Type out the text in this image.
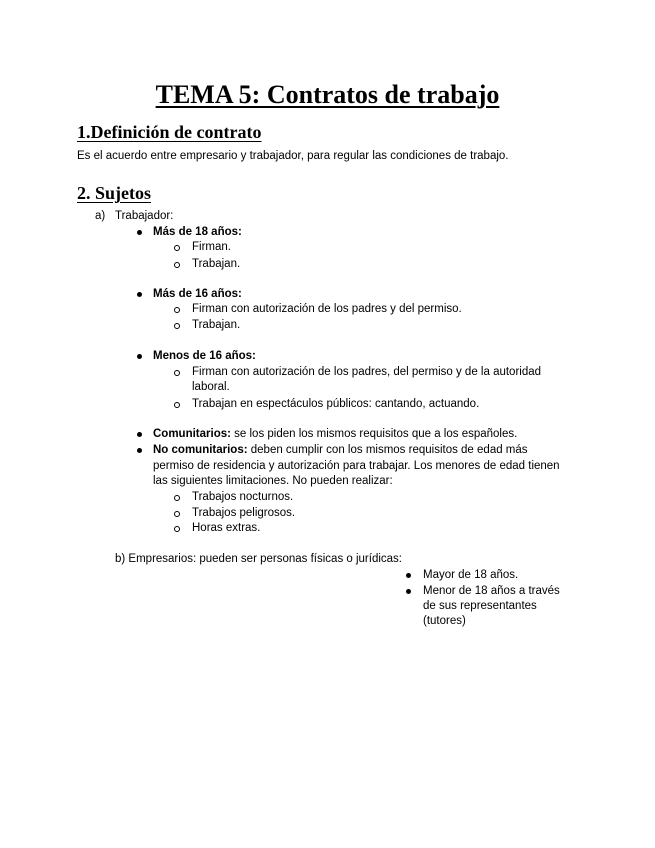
TEMA 5: Contratos de trabajo
1.Definición de contrato
Es el acuerdo entre empresario y trabajador, para regular las condiciones de trabajo.
2. Sujetos
a) Trabajador:
Más de 18 años:
Firman.
Trabajan.
Más de 16 años:
Firman con autorización de los padres y del permiso.
Trabajan.
Menos de 16 años:
Firman con autorización de los padres, del permiso y de la autoridad
laboral.
Trabajan en espectáculos públicos: cantando, actuando.
Comunitarios: se los piden los mismos requisitos que a los españoles.
No comunitarios: deben cumplir con los mismos requisitos de edad más
permiso de residencia y autorización para trabajar. Los menores de edad tienen
las siguientes limitaciones. No pueden realizar:
Trabajos nocturnos.
Trabajos peligrosos.
Horas extras.
b) Empresarios: pueden ser personas físicas o jurídicas:
Mayor de 18 años.
Menor de 18 años a través
de sus representantes
(tutores)
